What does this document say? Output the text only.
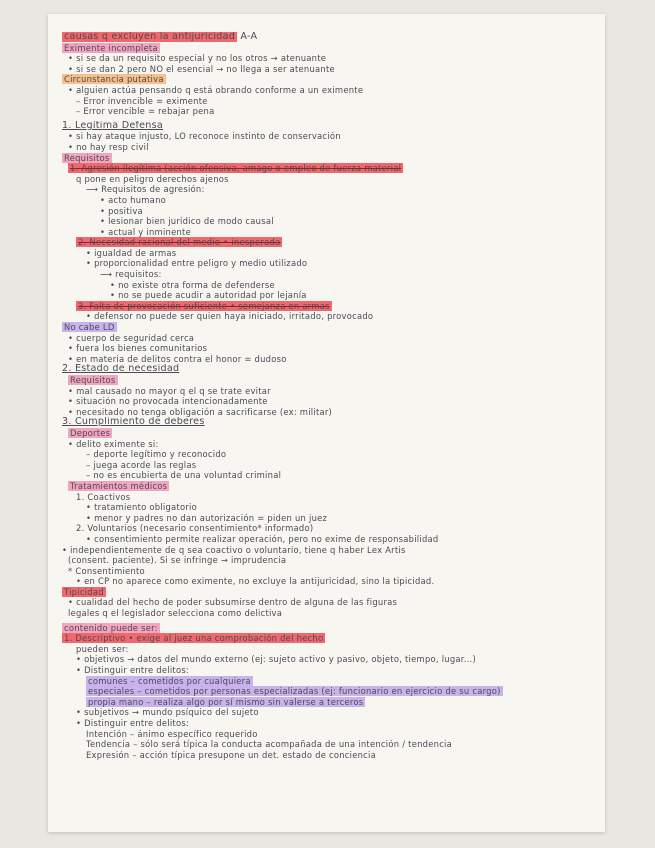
causas q excluyen la antijuricidad A-A
Eximente incompleta
• si se da un requisito especial y no los otros → atenuante
• si se dan 2 pero NO el esencial → no llega a ser atenuante
Circunstancia putativa
• alguien actúa pensando q está obrando conforme a un eximente
– Error invencible = eximente
– Error vencible = rebajar pena
1. Legítima Defensa
• si hay ataque injusto, LO reconoce instinto de conservación
• no hay resp civil
Requisitos
1. Agresión ilegítima (acción ofensiva, amago o empleo de fuerza material
q pone en peligro derechos ajenos
⟶ Requisitos de agresión:
• acto humano
• positiva
• lesionar bien jurídico de modo causal
• actual y inminente
2. Necesidad racional del medio • inesperada
• igualdad de armas
• proporcionalidad entre peligro y medio utilizado
⟶ requisitos:
• no existe otra forma de defenderse
• no se puede acudir a autoridad por lejanía
3. Falta de provocación suficiente • semejanza en armas
• defensor no puede ser quien haya iniciado, irritado, provocado
No cabe LD
• cuerpo de seguridad cerca
• fuera los bienes comunitarios
• en materia de delitos contra el honor = dudoso
2. Estado de necesidad
Requisitos
• mal causado no mayor q el q se trate evitar
• situación no provocada intencionadamente
• necesitado no tenga obligación a sacrificarse (ex: militar)
3. Cumplimiento de deberes
Deportes
• delito eximente si:
– deporte legítimo y reconocido
– juega acorde las reglas
– no es encubierta de una voluntad criminal
Tratamientos médicos
1. Coactivos
• tratamiento obligatorio
• menor y padres no dan autorización = piden un juez
2. Voluntarios (necesario consentimiento* informado)
• consentimiento permite realizar operación, pero no exime de responsabilidad
• independientemente de q sea coactivo o voluntario, tiene q haber Lex Artis
(consent. paciente). Si se infringe → imprudencia
* Consentimiento
• en CP no aparece como eximente, no excluye la antijuricidad, sino la tipicidad.
Tipicidad
• cualidad del hecho de poder subsumirse dentro de alguna de las figuras
legales q el legislador selecciona como delictiva
contenido puede ser:
1. Descriptivo • exige al juez una comprobación del hecho
pueden ser:
• objetivos → datos del mundo externo (ej: sujeto activo y pasivo, objeto, tiempo, lugar...)
• Distinguir entre delitos:
comunes – cometidos por cualquiera
especiales – cometidos por personas especializadas (ej: funcionario en ejercicio de su cargo)
propia mano – realiza algo por sí mismo sin valerse a terceros
• subjetivos → mundo psíquico del sujeto
• Distinguir entre delitos:
Intención – ánimo específico requerido
Tendencia – sólo será típica la conducta acompañada de una intención / tendencia
Expresión – acción típica presupone un det. estado de conciencia
